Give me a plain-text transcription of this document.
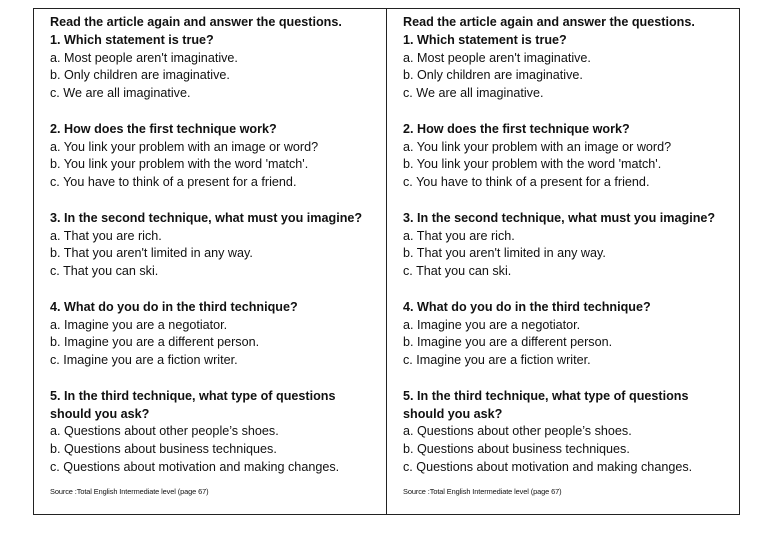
Read the article again and answer the questions.
1. Which statement is true?
a. Most people aren't imaginative.
b. Only children are imaginative.
c. We are all imaginative.
2. How does the first technique work?
a. You link your problem with an image or word?
b. You link your problem with the word 'match'.
c. You have to think of a present for a friend.
3. In the second technique, what must you imagine?
a. That you are rich.
b. That you aren't limited in any way.
c. That you can ski.
4. What do you do in the third technique?
a. Imagine you are a negotiator.
b. Imagine you are a different person.
c. Imagine you are a fiction writer.
5. In the third technique, what type of questions
should you ask?
a. Questions about other people’s shoes.
b. Questions about business techniques.
c. Questions about motivation and making changes.
Source :Total English Intermediate level (page 67)
Read the article again and answer the questions.
1. Which statement is true?
a. Most people aren't imaginative.
b. Only children are imaginative.
c. We are all imaginative.
2. How does the first technique work?
a. You link your problem with an image or word?
b. You link your problem with the word 'match'.
c. You have to think of a present for a friend.
3. In the second technique, what must you imagine?
a. That you are rich.
b. That you aren't limited in any way.
c. That you can ski.
4. What do you do in the third technique?
a. Imagine you are a negotiator.
b. Imagine you are a different person.
c. Imagine you are a fiction writer.
5. In the third technique, what type of questions
should you ask?
a. Questions about other people’s shoes.
b. Questions about business techniques.
c. Questions about motivation and making changes.
Source :Total English Intermediate level (page 67)
